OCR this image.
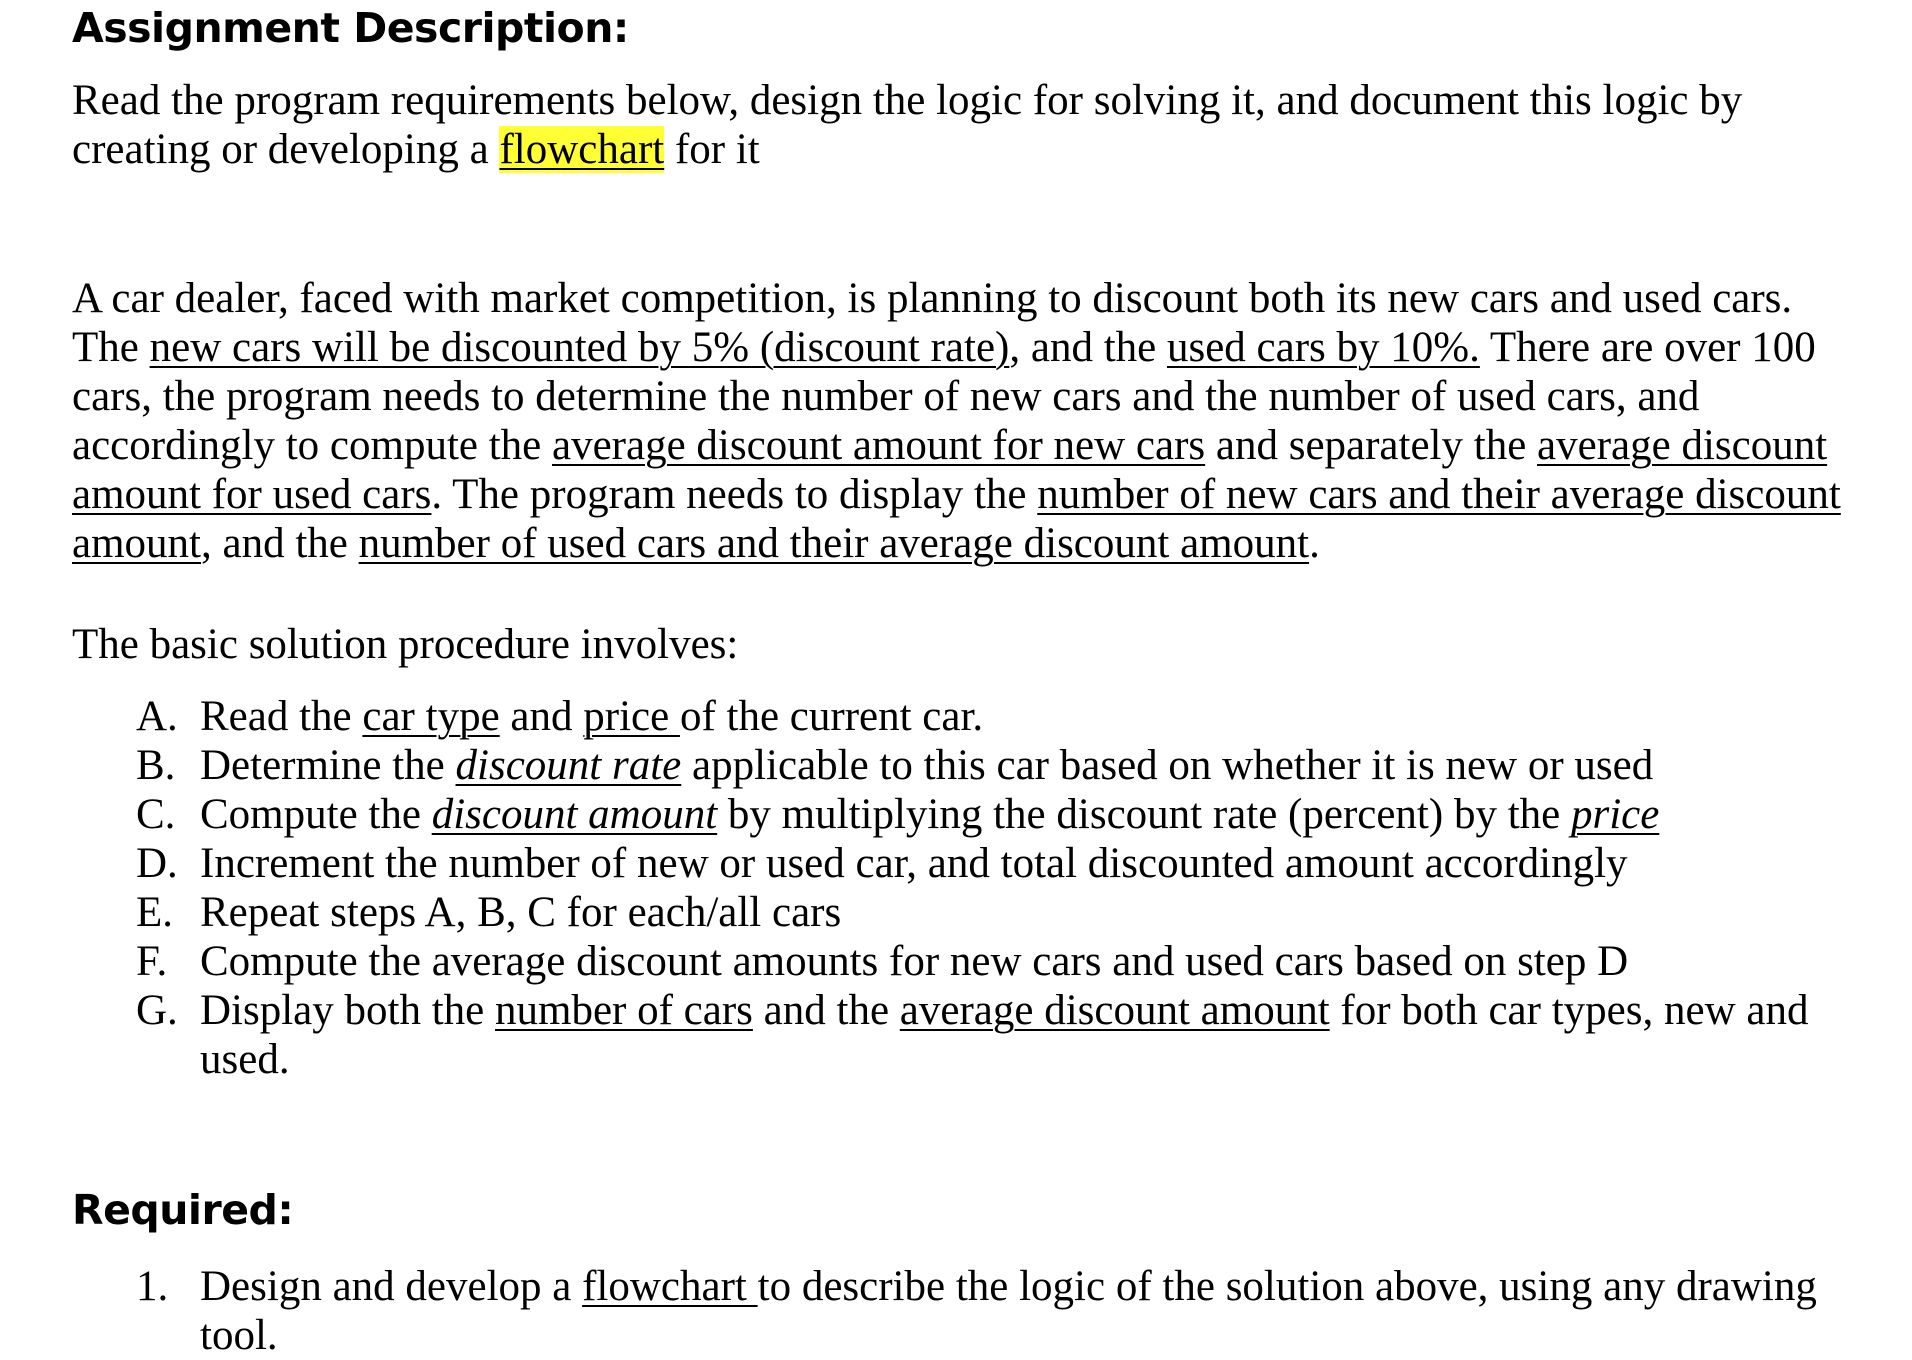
Assignment Description:
Read the program requirements below, design the logic for solving it, and document this logic by
creating or developing a flowchart for it
A car dealer, faced with market competition, is planning to discount both its new cars and used cars.
The new cars will be discounted by 5% (discount rate), and the used cars by 10%. There are over 100
cars, the program needs to determine the number of new cars and the number of used cars, and
accordingly to compute the average discount amount for new cars and separately the average discount
amount for used cars. The program needs to display the number of new cars and their average discount
amount, and the number of used cars and their average discount amount.
The basic solution procedure involves:
A. Read the car type and price of the current car.
B. Determine the discount rate applicable to this car based on whether it is new or used
C. Compute the discount amount by multiplying the discount rate (percent) by the price
D. Increment the number of new or used car, and total discounted amount accordingly
E. Repeat steps A, B, C for each/all cars
F. Compute the average discount amounts for new cars and used cars based on step D
G. Display both the number of cars and the average discount amount for both car types, new and
used.
Required:
1. Design and develop a flowchart to describe the logic of the solution above, using any drawing
tool.
